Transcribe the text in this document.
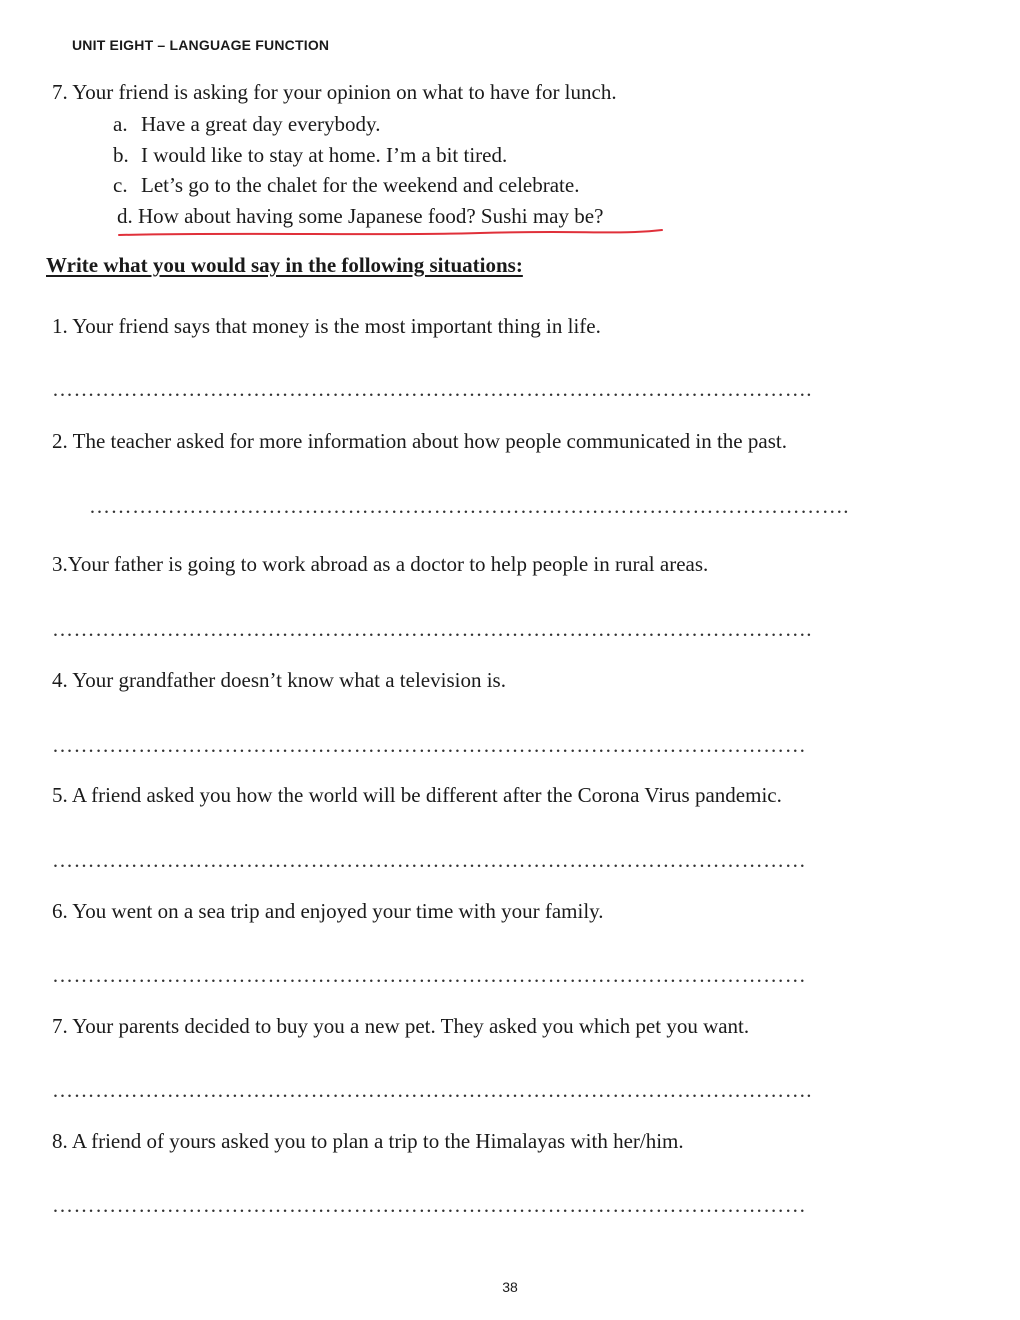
UNIT EIGHT – LANGUAGE FUNCTION
7. Your friend is asking for your opinion on what to have for lunch.
a. Have a great day everybody.
b. I would like to stay at home. I’m a bit tired.
c. Let’s go to the chalet for the weekend and celebrate.
d. How about having some Japanese food? Sushi may be?
Write what you would say in the following situations:
1. Your friend says that money is the most important thing in life.
…………………………………………………………………………………………….
2. The teacher asked for more information about how people communicated in the past.
…………………………………………………………………………………………….
3.Your father is going to work abroad as a doctor to help people in rural areas.
…………………………………………………………………………………………….
4. Your grandfather doesn’t know what a television is.
……………………………………………………………………………………………
5. A friend asked you how the world will be different after the Corona Virus pandemic.
……………………………………………………………………………………………
6. You went on a sea trip and enjoyed your time with your family.
……………………………………………………………………………………………
7. Your parents decided to buy you a new pet. They asked you which pet you want.
…………………………………………………………………………………………….
8. A friend of yours asked you to plan a trip to the Himalayas with her/him.
……………………………………………………………………………………………
38
